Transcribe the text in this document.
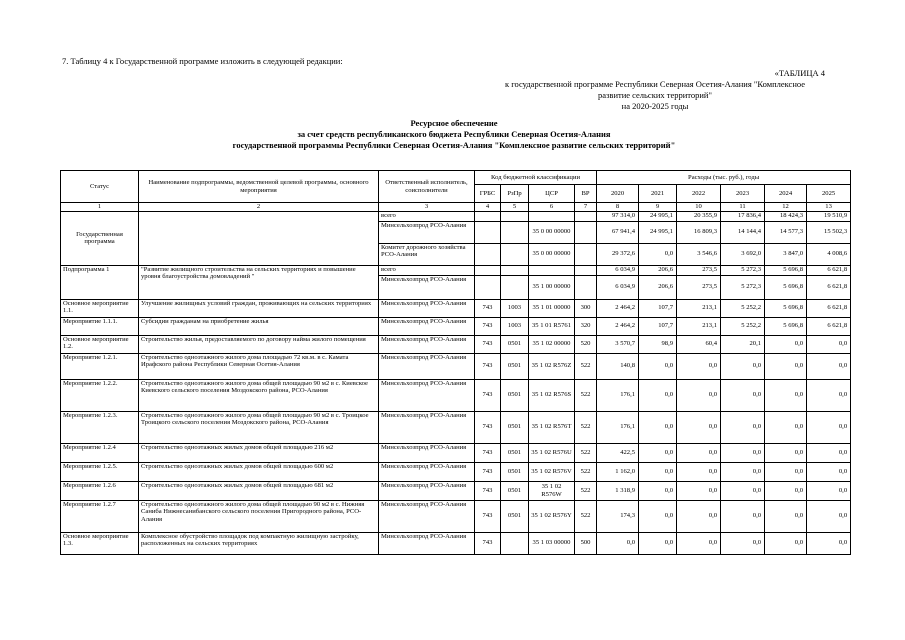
7. Таблицу 4 к Государственной программе изложить в следующей редакции:
«ТАБЛИЦА 4
к государственной программе Республики Северная Осетия-Алания "Комплексное
развитие сельских территорий"
на 2020-2025 годы
Ресурсное обеспечение
за счет средств республиканского бюджета Республики Северная Осетия-Алания
государственной программы Республики Северная Осетия-Алания "Комплексное развитие сельских территорий"
Статус	Наименование подпрограммы, ведомственной целевой программы, основного мероприятия	Ответственный исполнитель, соисполнители	Код бюджетной классификации				Расходы (тыс. руб.), годы					
			ГРБС	РзПр	ЦСР	ВР	2020	2021	2022	2023	2024	2025
1	2	3	4	5	6	7	8	9	10	11	12	13
Государственная программа		всего					97 314,0	24 995,1	20 355,9	17 836,4	18 424,3	19 510,9
		Минсельхозпрод РСО-Алания			35 0 00 00000		67 941,4	24 995,1	16 809,3	14 144,4	14 577,3	15 502,3
		Комитет дорожного хозяйства РСО-Алания			35 0 00 00000		29 372,6	0,0	3 546,6	3 692,0	3 847,0	4 008,6
Подпрограмма 1	"Развитие жилищного строительства на сельских территориях и повышение уровня благоустройства домовладений "	всего					6 034,9	206,6	273,5	5 272,3	5 696,8	6 621,8
		Минсельхозпрод РСО-Алания			35 1 00 00000		6 034,9	206,6	273,5	5 272,3	5 696,8	6 621,8
Основное мероприятие 1.1.	Улучшение жилищных условий граждан, проживающих на сельских территориях	Минсельхозпрод РСО-Алания	743	1003	35 1 01 00000	300	2 464,2	107,7	213,1	5 252,2	5 696,8	6 621,8
Мероприятие 1.1.1.	Субсидии гражданам на приобретение жилья	Минсельхозпрод РСО-Алания	743	1003	35 1 01 R5761	320	2 464,2	107,7	213,1	5 252,2	5 696,8	6 621,8
Основное мероприятие 1.2.	Строительство жилья, предоставляемого по договору найма жилого помещения	Минсельхозпрод РСО-Алания	743	0501	35 1 02 00000	520	3 570,7	98,9	60,4	20,1	0,0	0,0
Мероприятие 1.2.1.	Строительство одноэтажного жилого дома площадью 72 кв.м. в с. Камата Ирафского района Республики Северная Осетия-Алания	Минсельхозпрод РСО-Алания	743	0501	35 1 02 R576Z	522	140,8	0,0	0,0	0,0	0,0	0,0
Мероприятие 1.2.2.	Строительство одноэтажного жилого дома общей площадью 90 м2 в с. Киевское Киевского сельского поселения Моздокского района, РСО-Алания	Минсельхозпрод РСО-Алания	743	0501	35 1 02 R576S	522	176,1	0,0	0,0	0,0	0,0	0,0
Мероприятие 1.2.3.	Строительство одноэтажного жилого дома общей площадью 90 м2 в с. Троицкое Троицкого сельского поселения Моздокского района, РСО-Алания	Минсельхозпрод РСО-Алания	743	0501	35 1 02 R576T	522	176,1	0,0	0,0	0,0	0,0	0,0
Мероприятие 1.2.4	Строительство одноэтажных жилых домов общей площадью 216 м2	Минсельхозпрод РСО-Алания	743	0501	35 1 02 R576U	522	422,5	0,0	0,0	0,0	0,0	0,0
Мероприятие 1.2.5.	Строительство одноэтажных жилых домов общей площадью 600 м2	Минсельхозпрод РСО-Алания	743	0501	35 1 02 R576V	522	1 162,0	0,0	0,0	0,0	0,0	0,0
Мероприятие 1.2.6	Строительство одноэтажных жилых домов общей площадью 681 м2	Минсельхозпрод РСО-Алания	743	0501	35 1 02 R576W	522	1 318,9	0,0	0,0	0,0	0,0	0,0
Мероприятие 1.2.7	Строительство одноэтажного жилого дома общей площадью 90 м2 в с. Нижняя Саниба Нижнесанибанского сельского поселения Пригородного района, РСО-Алания	Минсельхозпрод РСО-Алания	743	0501	35 1 02 R576Y	522	174,3	0,0	0,0	0,0	0,0	0,0
Основное мероприятие 1.3.	Комплексное обустройство площадок под компактную жилищную застройку, расположенных на сельских территориях	Минсельхозпрод РСО-Алания	743		35 1 03 00000	500	0,0	0,0	0,0	0,0	0,0	0,0
